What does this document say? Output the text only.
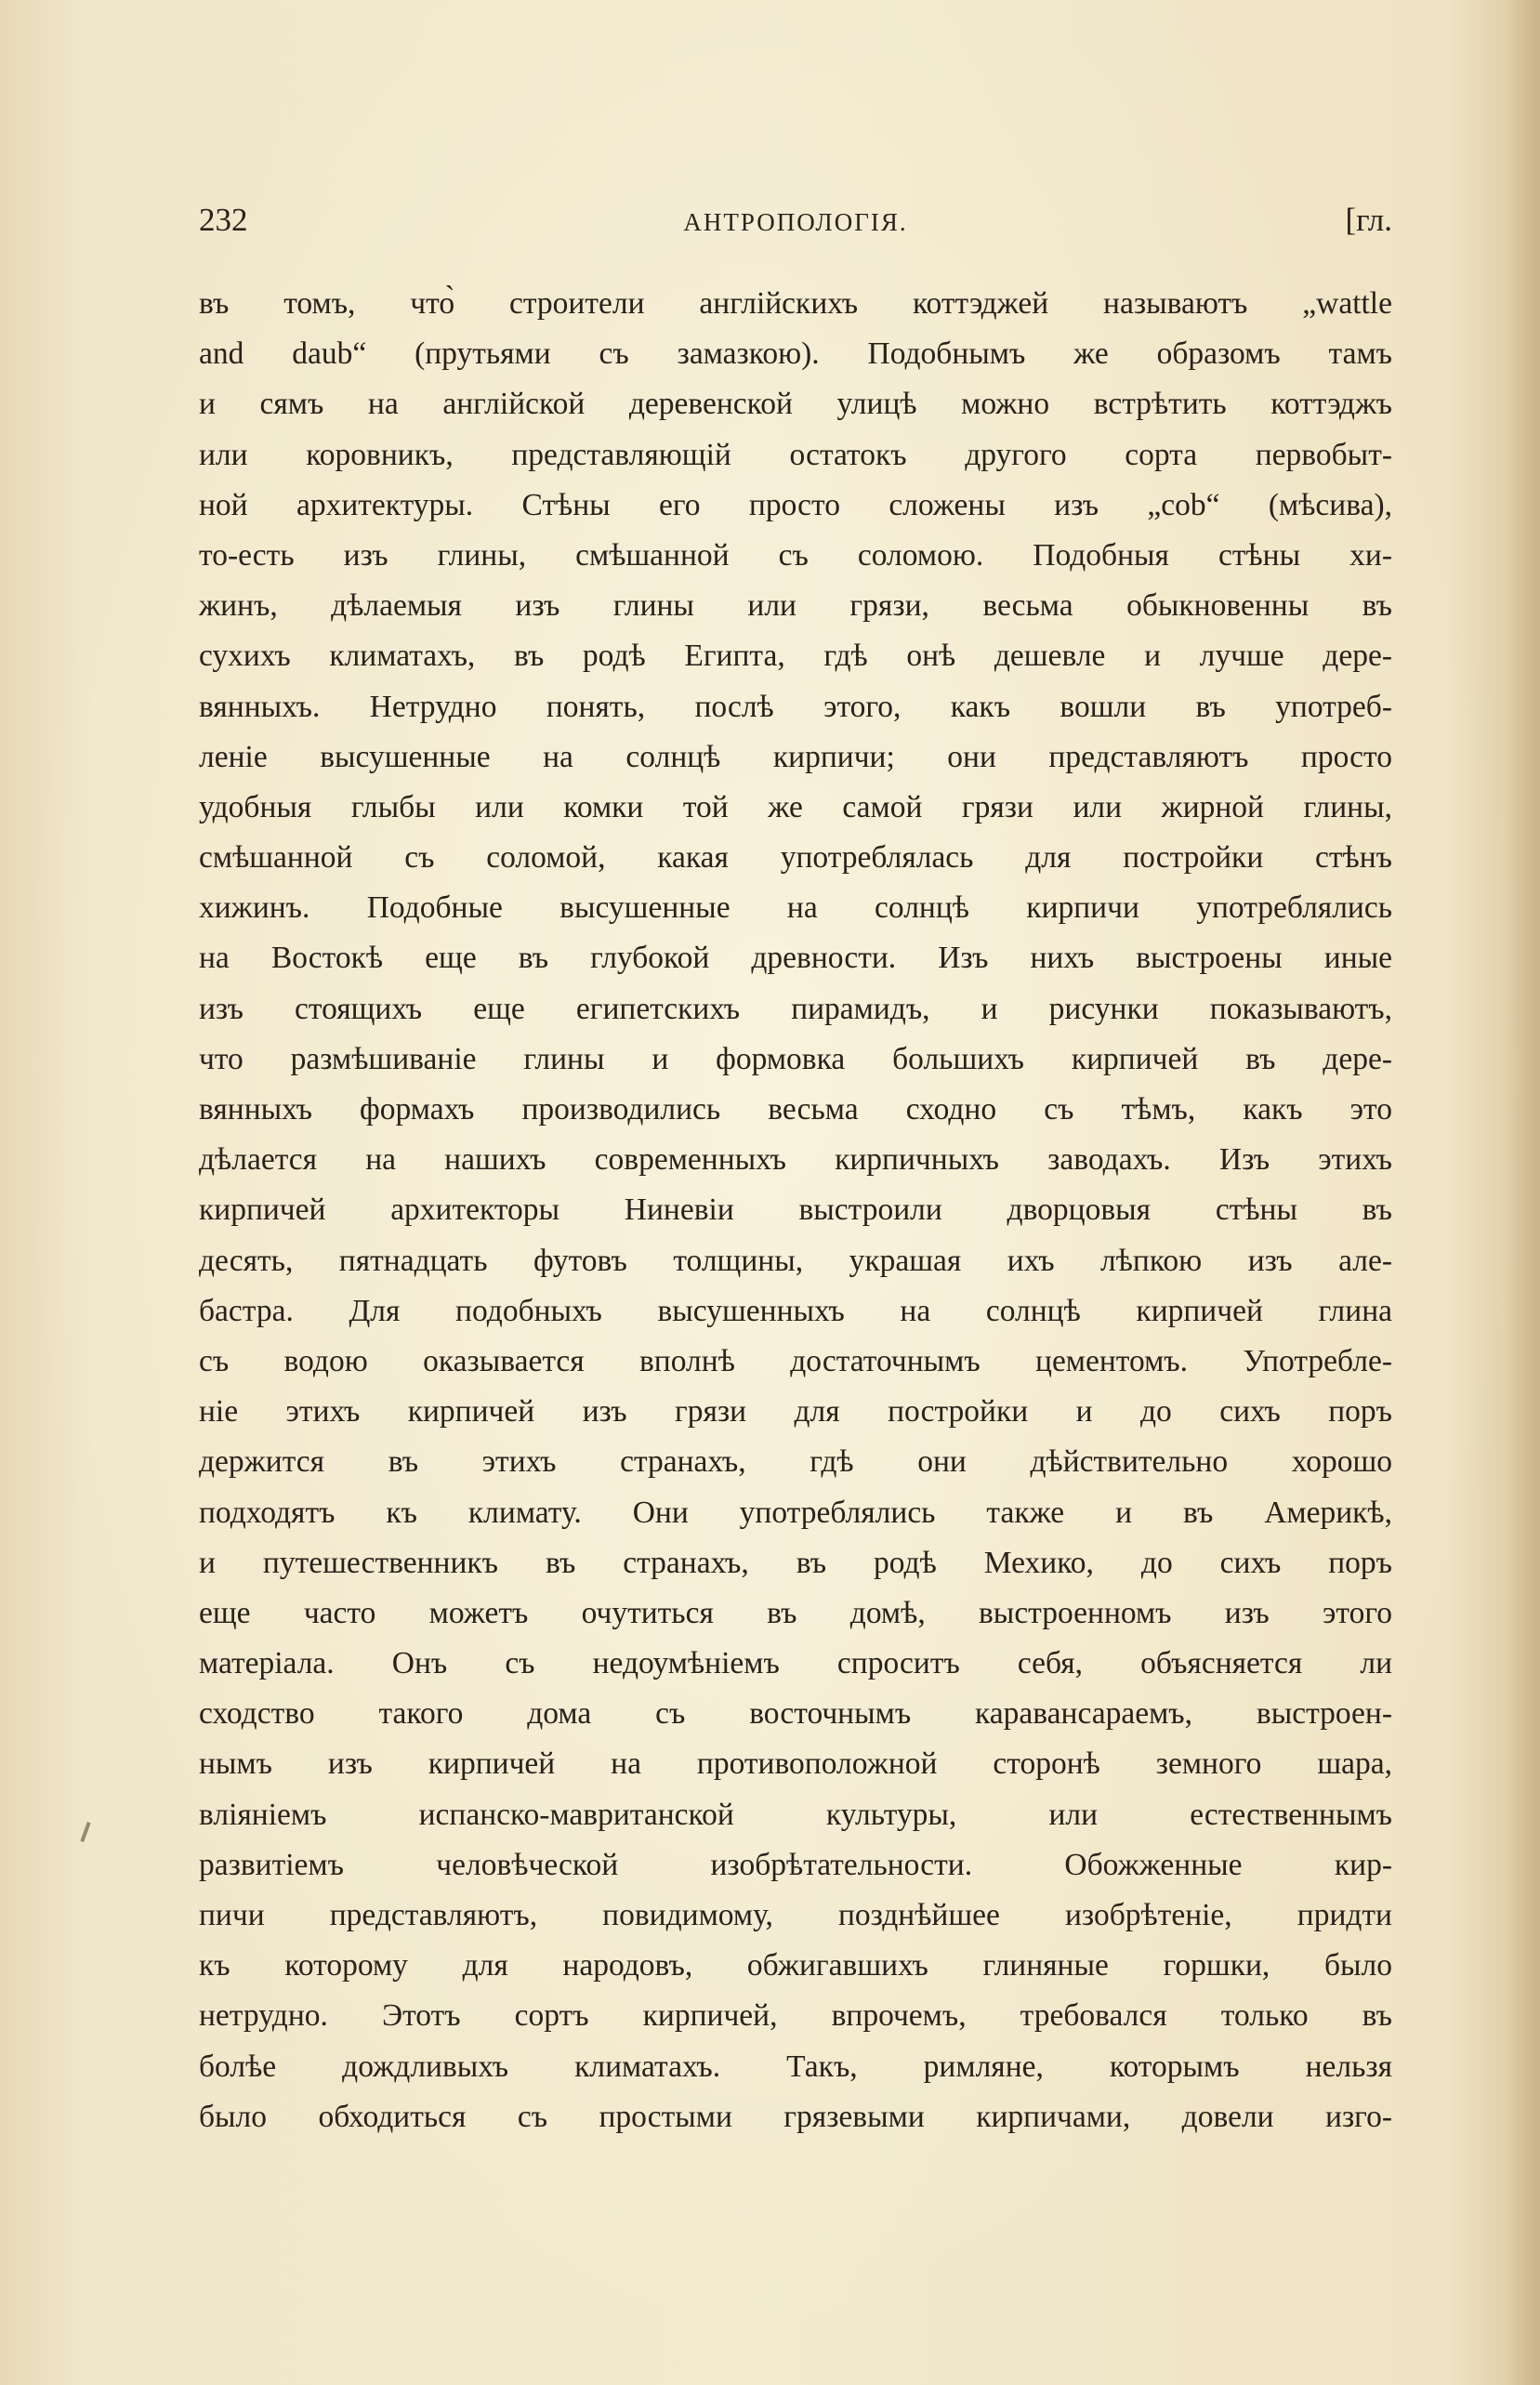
232	АНТРОПОЛОГІЯ.	[гл.
въ томъ, что̀ строители англійскихъ коттэджей называютъ „wattle
and daub“ (прутьями съ замазкою). Подобнымъ же образомъ тамъ
и сямъ на англійской деревенской улицѣ можно встрѣтить коттэджъ
или коровникъ, представляющій остатокъ другого сорта первобыт-
ной архитектуры. Стѣны его просто сложены изъ „cob“ (мѣсива),
то-есть изъ глины, смѣшанной съ соломою. Подобныя стѣны хи-
жинъ, дѣлаемыя изъ глины или грязи, весьма обыкновенны въ
сухихъ климатахъ, въ родѣ Египта, гдѣ онѣ дешевле и лучше дере-
вянныхъ. Нетрудно понять, послѣ этого, какъ вошли въ употреб-
леніе высушенные на солнцѣ кирпичи; они представляютъ просто
удобныя глыбы или комки той же самой грязи или жирной глины,
смѣшанной съ соломой, какая употреблялась для постройки стѣнъ
хижинъ. Подобные высушенные на солнцѣ кирпичи употреблялись
на Востокѣ еще въ глубокой древности. Изъ нихъ выстроены иные
изъ стоящихъ еще египетскихъ пирамидъ, и рисунки показываютъ,
что размѣшиваніе глины и формовка большихъ кирпичей въ дере-
вянныхъ формахъ производились весьма сходно съ тѣмъ, какъ это
дѣлается на нашихъ современныхъ кирпичныхъ заводахъ. Изъ этихъ
кирпичей архитекторы Ниневіи выстроили дворцовыя стѣны въ
десять, пятнадцать футовъ толщины, украшая ихъ лѣпкою изъ але-
бастра. Для подобныхъ высушенныхъ на солнцѣ кирпичей глина
съ водою оказывается вполнѣ достаточнымъ цементомъ. Употребле-
ніе этихъ кирпичей изъ грязи для постройки и до сихъ поръ
держится въ этихъ странахъ, гдѣ они дѣйствительно хорошо
подходятъ къ климату. Они употреблялись также и въ Америкѣ,
и путешественникъ въ странахъ, въ родѣ Мехико, до сихъ поръ
еще часто можетъ очутиться въ домѣ, выстроенномъ изъ этого
матеріала. Онъ съ недоумѣніемъ спроситъ себя, объясняется ли
сходство такого дома съ восточнымъ каравансараемъ, выстроен-
нымъ изъ кирпичей на противоположной сторонѣ земного шара,
вліяніемъ испанско-мавританской культуры, или естественнымъ
развитіемъ человѣческой изобрѣтательности. Обожженные кир-
пичи представляютъ, повидимому, позднѣйшее изобрѣтеніе, придти
къ которому для народовъ, обжигавшихъ глиняные горшки, было
нетрудно. Этотъ сортъ кирпичей, впрочемъ, требовался только въ
болѣе дождливыхъ климатахъ. Такъ, римляне, которымъ нельзя
было обходиться съ простыми грязевыми кирпичами, довели изго-
